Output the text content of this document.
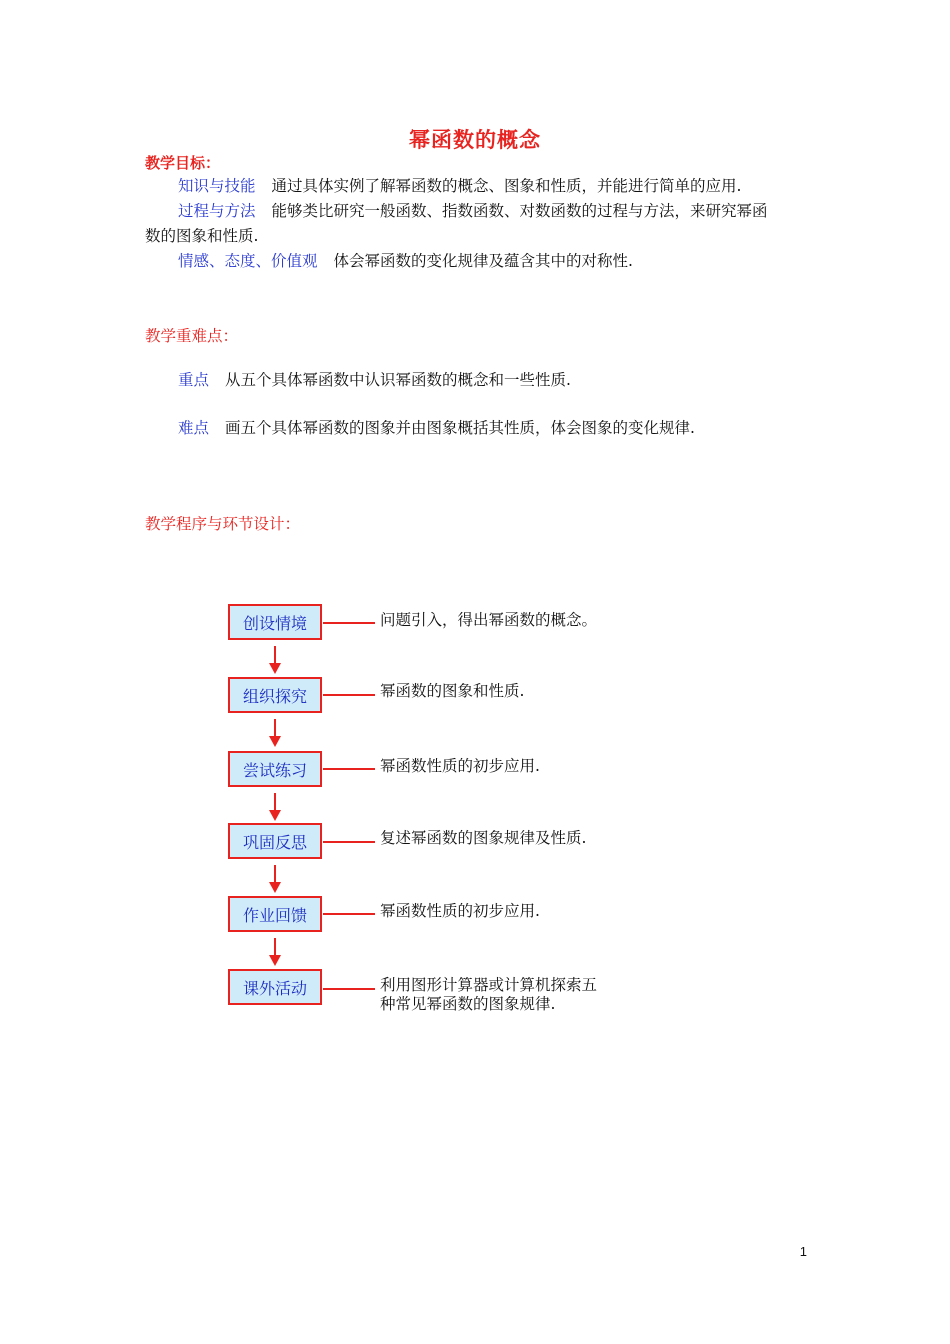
幂函数的概念
教学目标：
知识与技能 通过具体实例了解幂函数的概念、图象和性质，并能进行简单的应用.
过程与方法 能够类比研究一般函数、指数函数、对数函数的过程与方法，来研究幂函
数的图象和性质.
情感、态度、价值观 体会幂函数的变化规律及蕴含其中的对称性.
教学重难点：
重点 从五个具体幂函数中认识幂函数的概念和一些性质.
难点 画五个具体幂函数的图象并由图象概括其性质，体会图象的变化规律.
教学程序与环节设计：
创设情境	问题引入，得出幂函数的概念。
组织探究	幂函数的图象和性质.
尝试练习	幂函数性质的初步应用.
巩固反思	复述幂函数的图象规律及性质.
作业回馈	幂函数性质的初步应用.
课外活动	利用图形计算器或计算机探索五
种常见幂函数的图象规律.
1
